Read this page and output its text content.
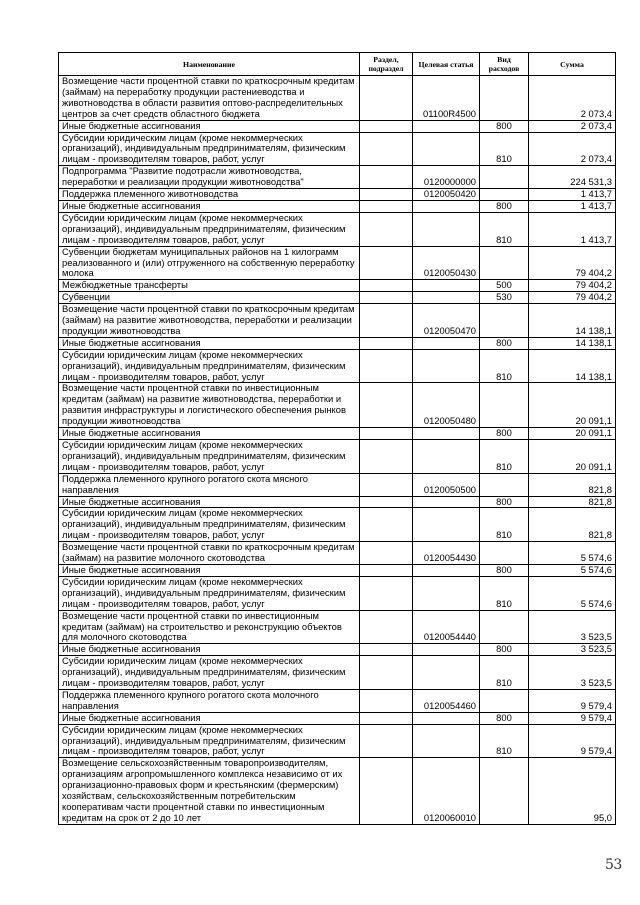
Наименование	Раздел, подраздел	Целевая статья	Вид расходов	Сумма
Возмещение части процентной ставки по краткосрочным кредитам (займам) на переработку продукции растениеводства и животноводства в области развития оптово-распределительных центров за счет средств областного бюджета		01100R4500		2 073,4
Иные бюджетные ассигнования			800	2 073,4
Субсидии юридическим лицам (кроме некоммерческих организаций), индивидуальным предпринимателям, физическим лицам - производителям товаров, работ, услуг			810	2 073,4
Подпрограмма "Развитие подотрасли животноводства, переработки и реализации продукции животноводства"		0120000000		224 531,3
Поддержка племенного животноводства		0120050420		1 413,7
Иные бюджетные ассигнования			800	1 413,7
Субсидии юридическим лицам (кроме некоммерческих организаций), индивидуальным предпринимателям, физическим лицам - производителям товаров, работ, услуг			810	1 413,7
Субвенции бюджетам муниципальных районов на 1 килограмм реализованного и (или) отгруженного на собственную переработку молока		0120050430		79 404,2
Межбюджетные трансферты			500	79 404,2
Субвенции			530	79 404,2
Возмещение части процентной ставки по краткосрочным кредитам (займам) на развитие животноводства, переработки и реализации продукции животноводства		0120050470		14 138,1
Иные бюджетные ассигнования			800	14 138,1
Субсидии юридическим лицам (кроме некоммерческих организаций), индивидуальным предпринимателям, физическим лицам - производителям товаров, работ, услуг			810	14 138,1
Возмещение части процентной ставки по инвестиционным кредитам (займам) на развитие животноводства, переработки и развития инфраструктуры и логистического обеспечения рынков продукции животноводства		0120050480		20 091,1
Иные бюджетные ассигнования			800	20 091,1
Субсидии юридическим лицам (кроме некоммерческих организаций), индивидуальным предпринимателям, физическим лицам - производителям товаров, работ, услуг			810	20 091,1
Поддержка племенного крупного рогатого скота мясного направления		0120050500		821,8
Иные бюджетные ассигнования			800	821,8
Субсидии юридическим лицам (кроме некоммерческих организаций), индивидуальным предпринимателям, физическим лицам - производителям товаров, работ, услуг			810	821,8
Возмещение части процентной ставки по краткосрочным кредитам (займам) на развитие молочного скотоводства		0120054430		5 574,6
Иные бюджетные ассигнования			800	5 574,6
Субсидии юридическим лицам (кроме некоммерческих организаций), индивидуальным предпринимателям, физическим лицам - производителям товаров, работ, услуг			810	5 574,6
Возмещение части процентной ставки по инвестиционным кредитам (займам) на строительство и реконструкцию объектов для молочного скотоводства		0120054440		3 523,5
Иные бюджетные ассигнования			800	3 523,5
Субсидии юридическим лицам (кроме некоммерческих организаций), индивидуальным предпринимателям, физическим лицам - производителям товаров, работ, услуг			810	3 523,5
Поддержка племенного крупного рогатого скота молочного направления		0120054460		9 579,4
Иные бюджетные ассигнования			800	9 579,4
Субсидии юридическим лицам (кроме некоммерческих организаций), индивидуальным предпринимателям, физическим лицам - производителям товаров, работ, услуг			810	9 579,4
Возмещение сельскохозяйственным товаропроизводителям, организациям агропромышленного комплекса независимо от их организационно-правовых форм и крестьянским (фермерским) хозяйствам, сельскохозяйственным потребительским кооперативам части процентной ставки по инвестиционным кредитам на срок от 2 до 10 лет		0120060010		95,0
53
